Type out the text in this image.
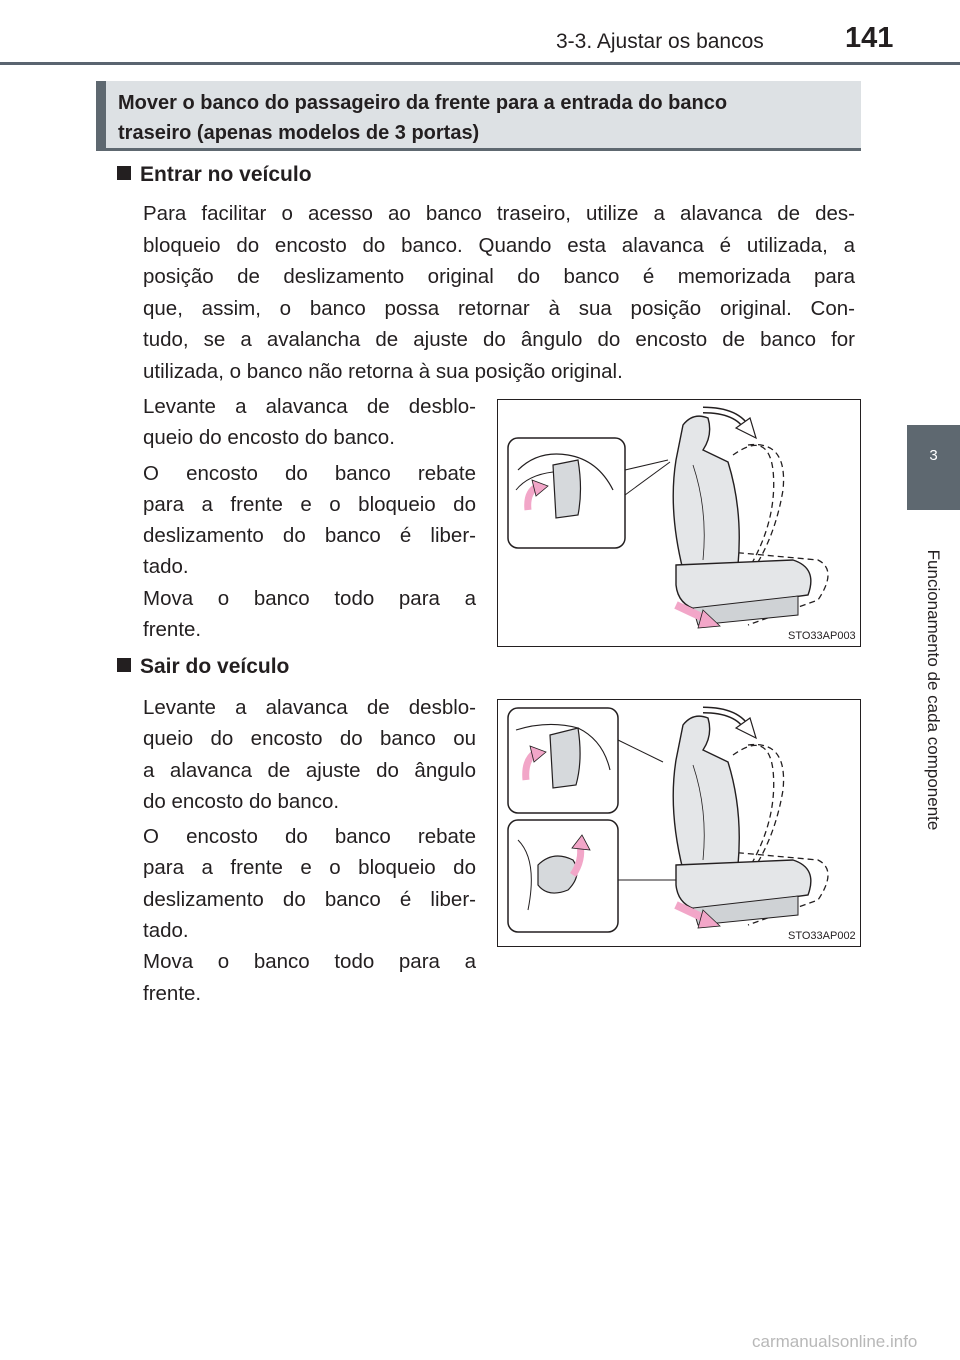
3-3. Ajustar os bancos	141
3
Funcionamento de cada componente
Mover o banco do passageiro da frente para a entrada do banco
traseiro (apenas modelos de 3 portas)
Entrar no veículo
Para facilitar o acesso ao banco traseiro, utilize a alavanca de des-
bloqueio do encosto do banco. Quando esta alavanca é utilizada, a
posição de deslizamento original do banco é memorizada para
que, assim, o banco possa retornar à sua posição original. Con-
tudo, se a avalancha de ajuste do ângulo do encosto de banco for
utilizada, o banco não retorna à sua posição original.
Levante a alavanca de desblo-
queio do encosto do banco.
O encosto do banco rebate
para a frente e o bloqueio do
deslizamento do banco é liber-
tado.
Mova o banco todo para a
frente.	STO33AP003
Sair do veículo
Levante a alavanca de desblo-
queio do encosto do banco ou
a alavanca de ajuste do ângulo
do encosto do banco.
O encosto do banco rebate
para a frente e o bloqueio do
deslizamento do banco é liber-
tado.
Mova o banco todo para a
frente.
STO33AP002
carmanualsonline.info
